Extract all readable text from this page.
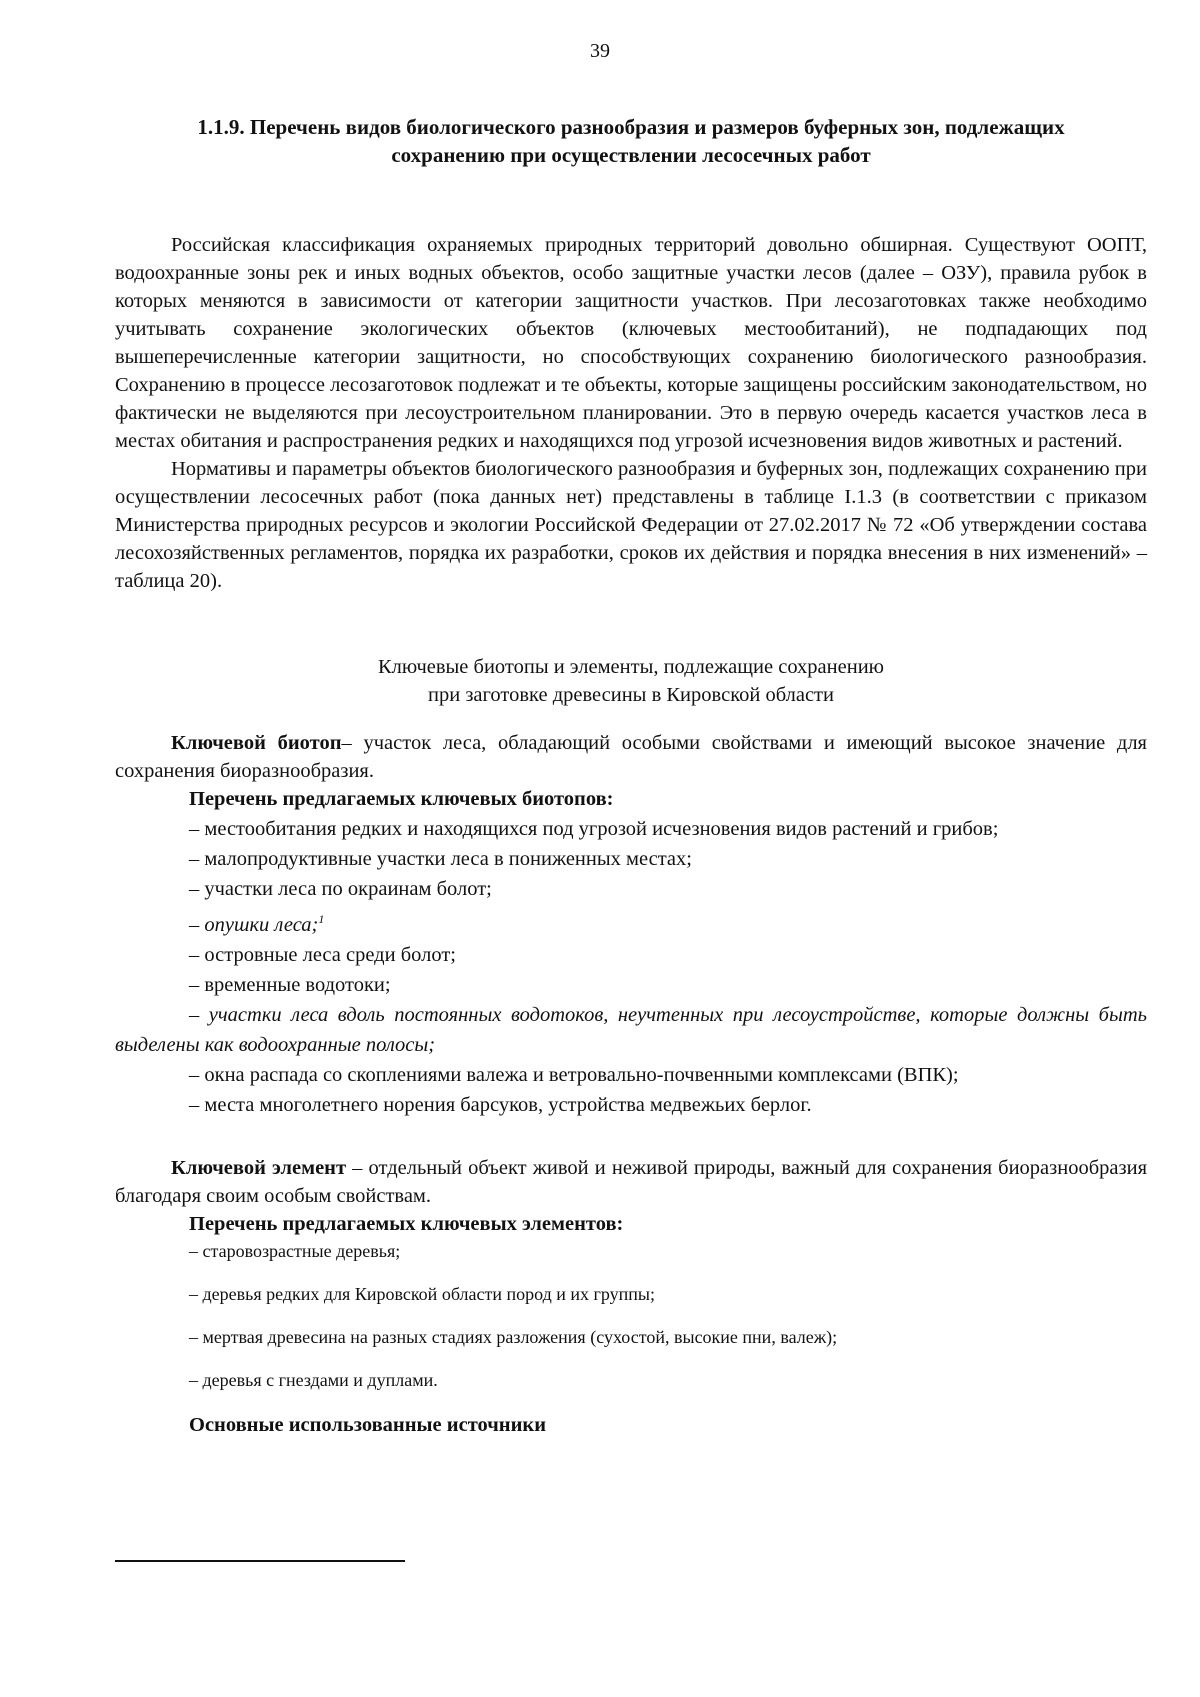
39

1.1.9. Перечень видов биологического разнообразия и размеров буферных зон, подлежащих
сохранению при осуществлении лесосечных работ

Российская классификация охраняемых природных территорий довольно обширная. Существуют ООПТ, водоохранные зоны рек и иных водных объектов, особо защитные участки лесов (далее – ОЗУ), правила рубок в которых меняются в зависимости от категории защитности участков. При лесозаготовках также необходимо учитывать сохранение экологических объектов (ключевых местообитаний), не подпадающих под вышеперечисленные категории защитности, но способствующих сохранению биологического разнообразия. Сохранению в процессе лесозаготовок подлежат и те объекты, которые защищены российским законодательством, но фактически не выделяются при лесоустроительном планировании. Это в первую очередь касается участков леса в местах обитания и распространения редких и находящихся под угрозой исчезновения видов животных и растений.

Нормативы и параметры объектов биологического разнообразия и буферных зон, подлежащих сохранению при осуществлении лесосечных работ (пока данных нет) представлены в таблице I.1.3 (в соответствии с приказом Министерства природных ресурсов и экологии Российской Федерации от 27.02.2017 № 72 «Об утверждении состава лесохозяйственных регламентов, порядка их разработки, сроков их действия и порядка внесения в них изменений» – таблица 20).

Ключевые биотопы и элементы, подлежащие сохранению
при заготовке древесины в Кировской области

Ключевой биотоп– участок леса, обладающий особыми свойствами и имеющий высокое значение для сохранения биоразнообразия.

Перечень предлагаемых ключевых биотопов:

– местообитания редких и находящихся под угрозой исчезновения видов растений и грибов;

– малопродуктивные участки леса в пониженных местах;

– участки леса по окраинам болот;

– опушки леса;$^1$

– островные леса среди болот;

– временные водотоки;

– участки леса вдоль постоянных водотоков, неучтенных при лесоустройстве, которые должны быть выделены как водоохранные полосы;

– окна распада со скоплениями валежа и ветровально-почвенными комплексами (ВПК);

– места многолетнего норения барсуков, устройства медвежьих берлог.

Ключевой элемент – отдельный объект живой и неживой природы, важный для сохранения биоразнообразия благодаря своим особым свойствам.

Перечень предлагаемых ключевых элементов:

– старовозрастные деревья;

– деревья редких для Кировской области пород и их группы;

– мертвая древесина на разных стадиях разложения (сухостой, высокие пни, валеж);

– деревья с гнездами и дуплами.

Основные использованные источники
